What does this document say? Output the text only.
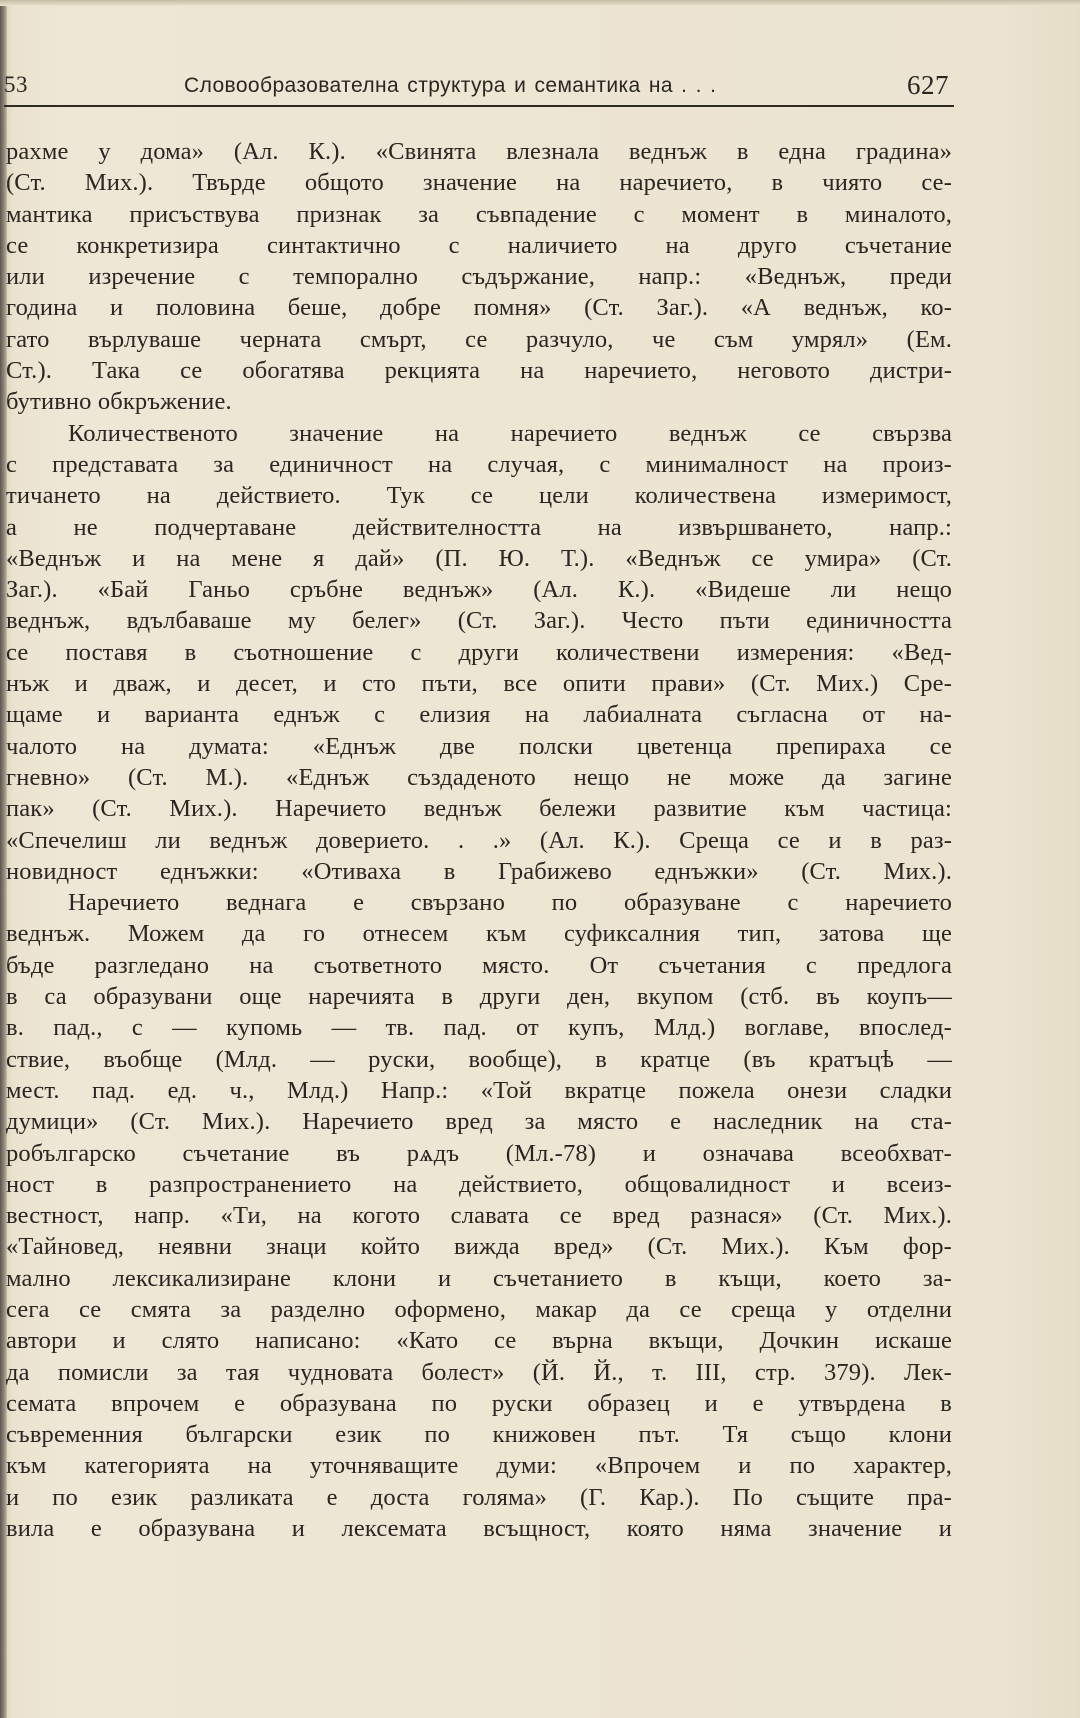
53	Словообразователна структура и семантика на . . .	627
рахме у дома» (Ал. К.). «Свинята влезнала веднъж в една градина»
(Ст. Мих.). Твърде общото значение на наречието, в чиято се-
мантика присъствува признак за съвпадение с момент в миналото,
се конкретизира синтактично с наличието на друго съчетание
или изречение с темпорално съдържание, напр.: «Веднъж, преди
година и половина беше, добре помня» (Ст. Заг.). «А веднъж, ко-
гато върлуваше черната смърт, се разчуло, че съм умрял» (Ем.
Ст.). Така се обогатява рекцията на наречието, неговото дистри-
бутивно обкръжение.
Количественото значение на наречието веднъж се свързва
с представата за единичност на случая, с минималност на произ-
тичането на действието. Тук се цели количествена измеримост,
а не подчертаване действителността на извършването, напр.:
«Веднъж и на мене я дай» (П. Ю. Т.). «Веднъж се умира» (Ст.
Заг.). «Бай Ганьо сръбне веднъж» (Ал. К.). «Видеше ли нещо
веднъж, вдълбаваше му белег» (Ст. Заг.). Често пъти единичността
се поставя в съотношение с други количествени измерения: «Вед-
нъж и дваж, и десет, и сто пъти, все опити прави» (Ст. Мих.) Сре-
щаме и варианта еднъж с елизия на лабиалната съгласна от на-
чалото на думата: «Еднъж две полски цветенца препираха се
гневно» (Ст. М.). «Еднъж създаденото нещо не може да загине
пак» (Ст. Мих.). Наречието веднъж бележи развитие към частица:
«Спечелиш ли веднъж доверието. . .» (Ал. К.). Среща се и в раз-
новидност еднъжки: «Отиваха в Грабижево еднъжки» (Ст. Мих.).
Наречието веднага е свързано по образуване с наречието
веднъж. Можем да го отнесем към суфиксалния тип, затова ще
бъде разгледано на съответното място. От съчетания с предлога
в са образувани още наречията в други ден, вкупом (стб. въ коупъ—
в. пад., с — купомь — тв. пад. от купъ, Млд.) воглаве, впослед-
ствие, въобще (Млд. — руски, вообще), в кратце (въ кратъцѣ —
мест. пад. ед. ч., Млд.) Напр.: «Той вкратце пожела онези сладки
думици» (Ст. Мих.). Наречието вред за място е наследник на ста-
робългарско съчетание въ рѧдъ (Мл.-78) и означава всеобхват-
ност в разпространението на действието, общовалидност и всеиз-
вестност, напр. «Ти, на когото славата се вред разнася» (Ст. Мих.).
«Тайновед, неявни знаци който вижда вред» (Ст. Мих.). Към фор-
мално лексикализиране клони и съчетанието в къщи, което за-
сега се смята за разделно оформено, макар да се среща у отделни
автори и слято написано: «Като се върна вкъщи, Дочкин искаше
да помисли за тая чудновата болест» (Й. Й., т. III, стр. 379). Лек-
семата впрочем е образувана по руски образец и е утвърдена в
съвременния български език по книжовен път. Тя също клони
към категорията на уточняващите думи: «Впрочем и по характер,
и по език разликата е доста голяма» (Г. Кар.). По същите пра-
вила е образувана и лексемата всъщност, която няма значение и
